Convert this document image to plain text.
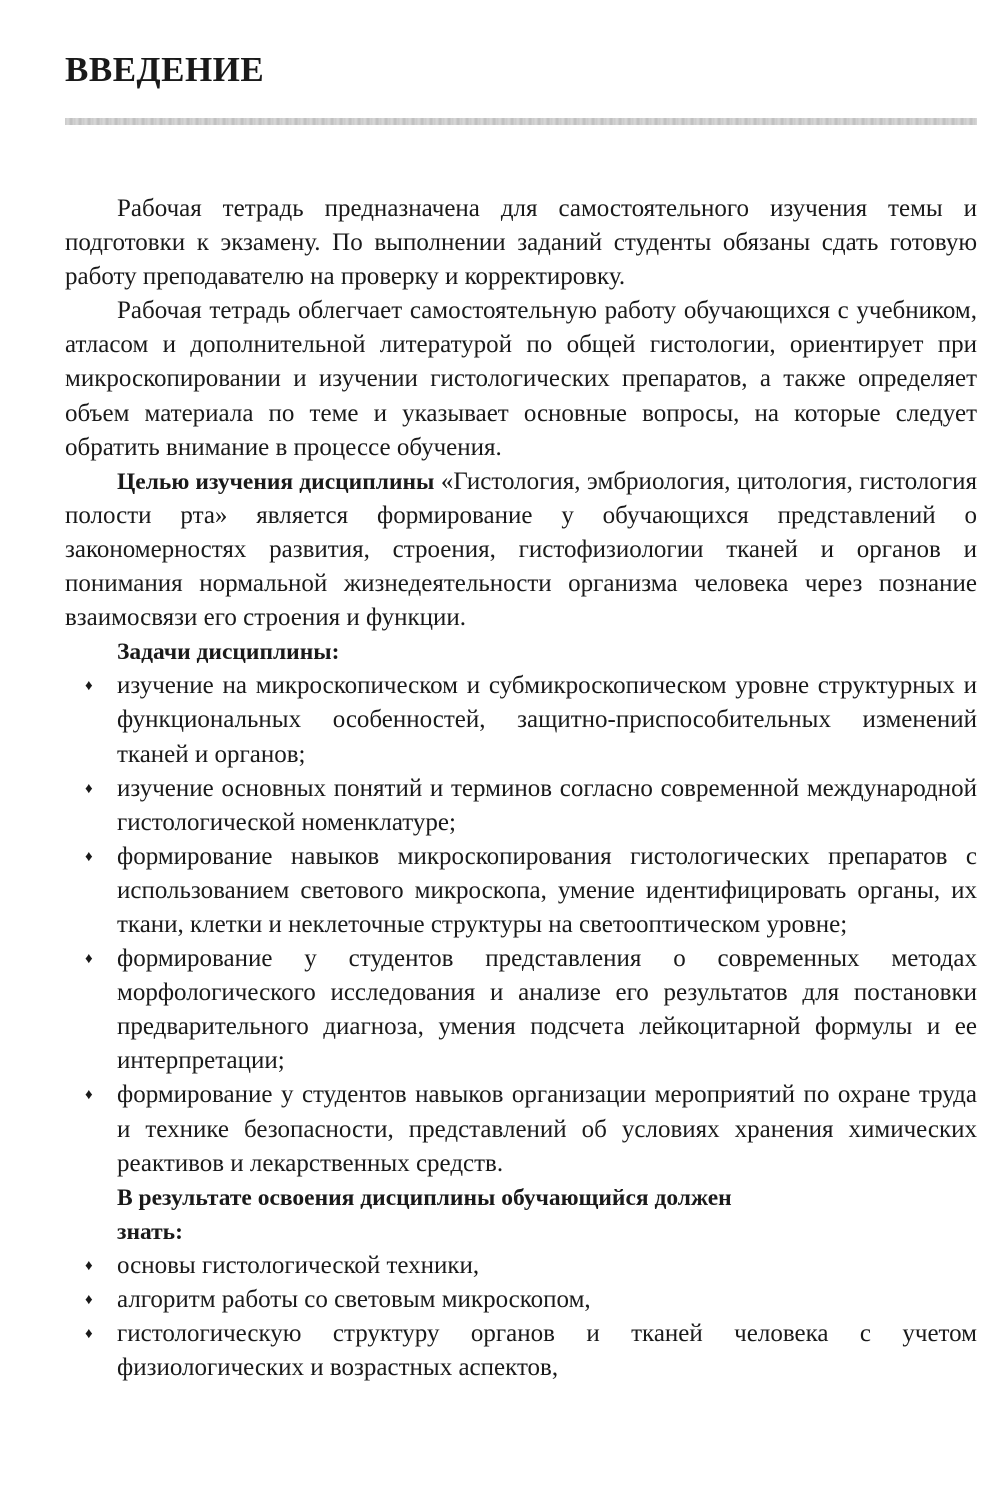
ВВЕДЕНИЕ

Рабочая тетрадь предназначена для самостоятельного изучения темы и подготовки к экзамену. По выполнении заданий студенты обязаны сдать готовую работу преподавателю на проверку и корректировку.

Рабочая тетрадь облегчает самостоятельную работу обучающихся с учебником, атласом и дополнительной литературой по общей гистологии, ориентирует при микроскопировании и изучении гистологических препаратов, а также определяет объем материала по теме и указывает основные вопросы, на которые следует обратить внимание в процессе обучения.

Целью изучения дисциплины «Гистология, эмбриология, цитология, гистология полости рта» является формирование у обучающихся представлений о закономерностях развития, строения, гистофизиологии тканей и органов и понимания нормальной жизнедеятельности организма человека через познание взаимосвязи его строения и функции.

Задачи дисциплины:

♦ изучение на микроскопическом и субмикроскопическом уровне структурных и функциональных особенностей, защитно-приспособительных изменений тканей и органов;
♦ изучение основных понятий и терминов согласно современной международной гистологической номенклатуре;
♦ формирование навыков микроскопирования гистологических препаратов с использованием светового микроскопа, умение идентифицировать органы, их ткани, клетки и неклеточные структуры на светооптическом уровне;
♦ формирование у студентов представления о современных методах морфологического исследования и анализе его результатов для постановки предварительного диагноза, умения подсчета лейкоцитарной формулы и ее интерпретации;
♦ формирование у студентов навыков организации мероприятий по охране труда и технике безопасности, представлений об условиях хранения химических реактивов и лекарственных средств.

В результате освоения дисциплины обучающийся должен

знать:

♦ основы гистологической техники,
♦ алгоритм работы со световым микроскопом,
♦ гистологическую структуру органов и тканей человека с учетом физиологических и возрастных аспектов,
